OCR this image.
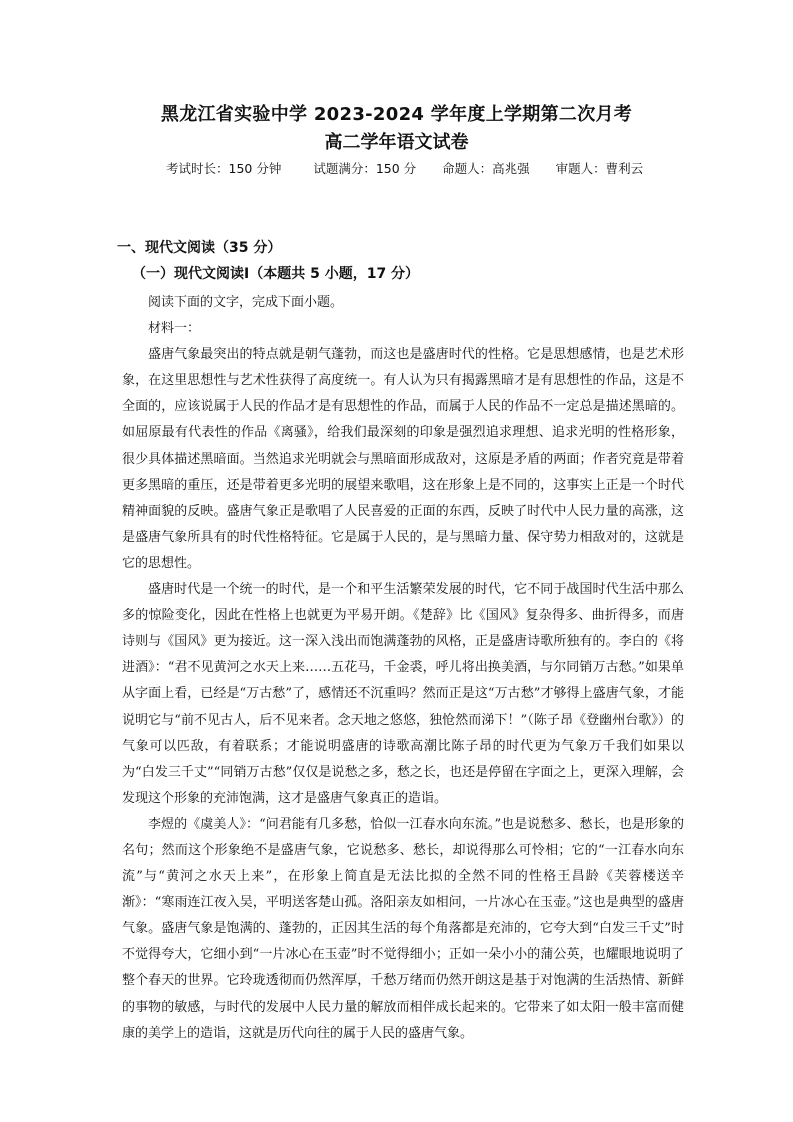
黑龙江省实验中学 2023-2024 学年度上学期第二次月考
高二学年语文试卷
考试时长：150 分钟	试题满分：150 分 命题人：高兆强 审题人：曹利云
一、现代文阅读（35 分）
（一）现代文阅读Ⅰ（本题共 5 小题，17 分）

阅读下面的文字，完成下面小题。

材料一：

盛唐气象最突出的特点就是朝气蓬勃，而这也是盛唐时代的性格。它是思想感情，也是艺术形象，在这里思想性与艺术性获得了高度统一。有人认为只有揭露黑暗才是有思想性的作品，这是不全面的，应该说属于人民的作品才是有思想性的作品，而属于人民的作品不一定总是描述黑暗的。如屈原最有代表性的作品《离骚》，给我们最深刻的印象是强烈追求理想、追求光明的性格形象，很少具体描述黑暗面。当然追求光明就会与黑暗面形成敌对，这原是矛盾的两面；作者究竟是带着更多黑暗的重压，还是带着更多光明的展望来歌唱，这在形象上是不同的，这事实上正是一个时代精神面貌的反映。盛唐气象正是歌唱了人民喜爱的正面的东西，反映了时代中人民力量的高涨，这是盛唐气象所具有的时代性格特征。它是属于人民的，是与黑暗力量、保守势力相敌对的，这就是它的思想性。

盛唐时代是一个统一的时代，是一个和平生活繁荣发展的时代，它不同于战国时代生活中那么多的惊险变化，因此在性格上也就更为平易开朗。《楚辞》比《国风》复杂得多、曲折得多，而唐诗则与《国风》更为接近。这一深入浅出而饱满蓬勃的风格，正是盛唐诗歌所独有的。李白的《将进酒》：“君不见黄河之水天上来……五花马，千金裘，呼儿将出换美酒，与尔同销万古愁。”如果单从字面上看，已经是“万古愁”了，感情还不沉重吗？然而正是这“万古愁”才够得上盛唐气象，才能说明它与“前不见古人，后不见来者。念天地之悠悠，独怆然而涕下！”（陈子昂《登幽州台歌》）的气象可以匹敌，有着联系；才能说明盛唐的诗歌高潮比陈子昂的时代更为气象万千我们如果以为“白发三千丈”“同销万古愁”仅仅是说愁之多，愁之长，也还是停留在字面之上，更深入理解，会发现这个形象的充沛饱满，这才是盛唐气象真正的造诣。

李煜的《虞美人》：“问君能有几多愁，恰似一江春水向东流。”也是说愁多、愁长，也是形象的名句；然而这个形象绝不是盛唐气象，它说愁多、愁长，却说得那么可怜相；它的“一江春水向东流”与“黄河之水天上来”，在形象上简直是无法比拟的全然不同的性格王昌龄《芙蓉楼送辛渐》：“寒雨连江夜入吴，平明送客楚山孤。洛阳亲友如相问，一片冰心在玉壶。”这也是典型的盛唐气象。盛唐气象是饱满的、蓬勃的，正因其生活的每个角落都是充沛的，它夸大到“白发三千丈”时不觉得夸大，它细小到“一片冰心在玉壶”时不觉得细小；正如一朵小小的蒲公英，也耀眼地说明了整个春天的世界。它玲珑透彻而仍然浑厚，千愁万绪而仍然开朗这是基于对饱满的生活热情、新鲜的事物的敏感，与时代的发展中人民力量的解放而相伴成长起来的。它带来了如太阳一般丰富而健康的美学上的造诣，这就是历代向往的属于人民的盛唐气象。
